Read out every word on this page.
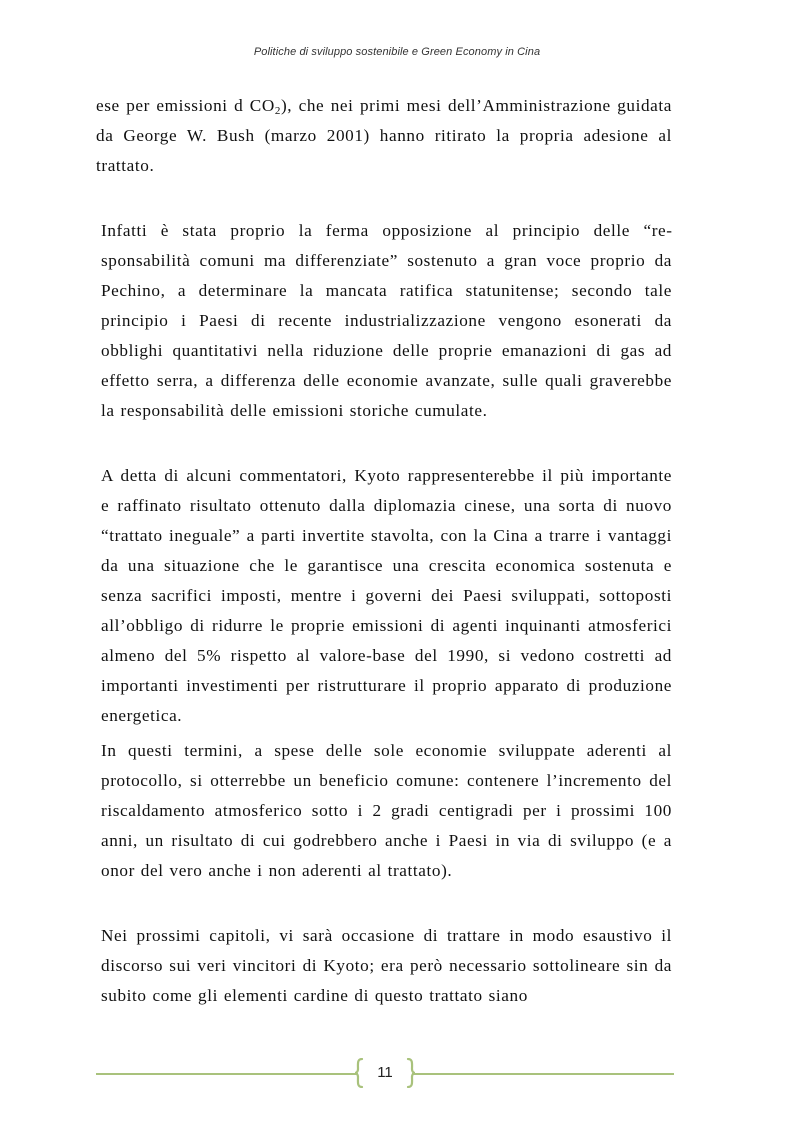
Politiche di sviluppo sostenibile e Green Economy in Cina

ese per emissioni d $CO_2$), che nei primi mesi dell’Amministrazione guidata da George W. Bush (marzo 2001) hanno ritirato la propria adesione al trattato.

Infatti è stata proprio la ferma opposizione al principio delle “responsabilità comuni ma differenziate” sostenuto a gran voce proprio da Pechino, a determinare la mancata ratifica statunitense; secondo tale principio i Paesi di recente industrializzazione vengono esonerati da obblighi quantitativi nella riduzione delle proprie emanazioni di gas ad effetto serra, a differenza delle economie avanzate, sulle quali graverebbe la responsabilità delle emissioni storiche cumulate.

A detta di alcuni commentatori, Kyoto rappresenterebbe il più importante e raffinato risultato ottenuto dalla diplomazia cinese, una sorta di nuovo “trattato ineguale” a parti invertite stavolta, con la Cina a trarre i vantaggi da una situazione che le garantisce una crescita economica sostenuta e senza sacrifici imposti, mentre i governi dei Paesi sviluppati, sottoposti all’obbligo di ridurre le proprie emissioni di agenti inquinanti atmosferici almeno del 5% rispetto al valore-base del 1990, si vedono costretti ad importanti investimenti per ristrutturare il proprio apparato di produzione energetica.

In questi termini, a spese delle sole economie sviluppate aderenti al protocollo, si otterrebbe un beneficio comune: contenere l’incremento del riscaldamento atmosferico sotto i 2 gradi centigradi per i prossimi 100 anni, un risultato di cui godrebbero anche i Paesi in via di sviluppo (e a onor del vero anche i non aderenti al trattato).

Nei prossimi capitoli, vi sarà occasione di trattare in modo esaustivo il discorso sui veri vincitori di Kyoto; era però necessario sottolineare sin da subito come gli elementi cardine di questo trattato siano

11
